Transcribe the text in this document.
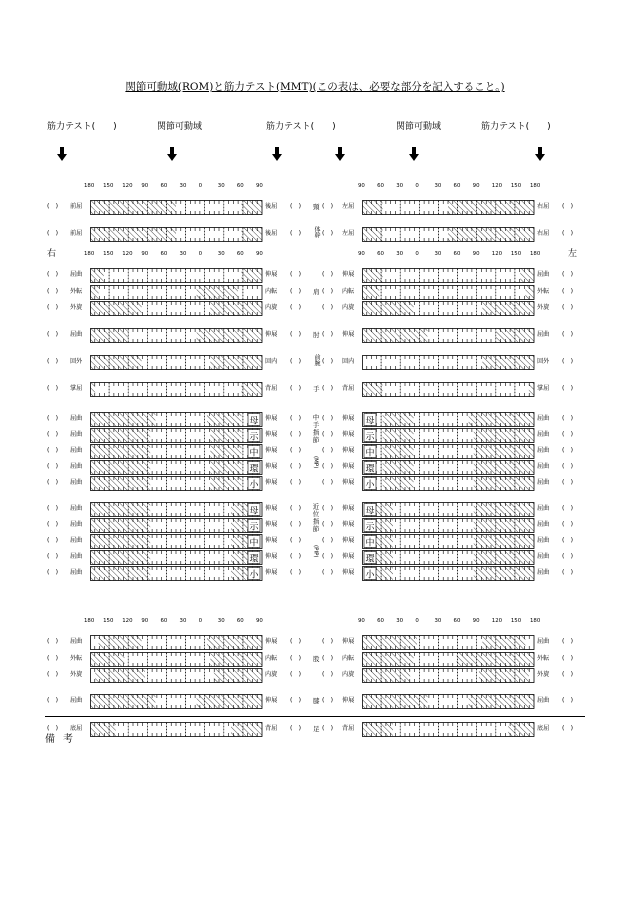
関節可動域(ROM)と筋力テスト(MMT)(この表は、必要な部分を記入すること。)
筋力テスト(　　)	関節可動域	筋力テスト(　　)	関節可動域	筋力テスト(　　)
右	左
備考
180 150 120 90 60 30 0	30 60 90	90 60 30 0	30 60 90 120 150 180
180 150 120 90 60 30 0	30 60 90	90 60 30 0	30 60 90 120 150 180
180 150 120 90 60 30 0	30 60 90	90 60 30 0	30 60 90 120 150 180
(　) 前屈	後屈 (　) 頸 (　) 左屈	右屈 (　)
(　) 前屈	後屈 (　) 体幹 (　) 左屈	右屈 (　)
(　) 屈曲	伸展 (　)	(　) 伸展	屈曲 (　)
(　) 外転	内転 (　) 肩 (　) 内転	外転 (　)
(　) 外旋	内旋 (　)	(　) 内旋	外旋 (　)
(　) 屈曲	伸展 (　) 肘 (　) 伸展	屈曲 (　)
(　) 回外	回内 (　) 前腕 (　) 回内	回外 (　)
(　) 掌屈	背屈 (　) 手 (　) 背屈	掌屈 (　)
(　) 屈曲	母 伸展 (　)	(　) 伸展 母	屈曲 (　)
(　) 屈曲	示 伸展 (　)	(　) 伸展 示	屈曲 (　)
(　) 屈曲	中 伸展 (　)	(　) 伸展 中	屈曲 (　)
(　) 屈曲	環 伸展 (　)	(　) 伸展 環	屈曲 (　)
(　) 屈曲	小 伸展 (　)	(　) 伸展 小	屈曲 (　)
(　) 屈曲	母 伸展 (　)	(　) 伸展 母	屈曲 (　)
(　) 屈曲	示 伸展 (　)	(　) 伸展 示	屈曲 (　)
(　) 屈曲	中 伸展 (　)	(　) 伸展 中	屈曲 (　)
(　) 屈曲	環 伸展 (　)	(　) 伸展 環	屈曲 (　)
(　) 屈曲	小 伸展 (　)	(　) 伸展 小	屈曲 (　)
(　) 屈曲	伸展 (　)	(　) 伸展	屈曲 (　)
(　) 外転	内転 (　) 股 (　) 内転	外転 (　)
(　) 外旋	内旋 (　)	(　) 内旋	外旋 (　)
(　) 屈曲	伸展 (　) 膝 (　) 伸展	屈曲 (　)
(　) 底屈	背屈 (　) 足 (　) 背屈	底屈 (　)
中手指節
(MP)
近位指節
(PIP)
